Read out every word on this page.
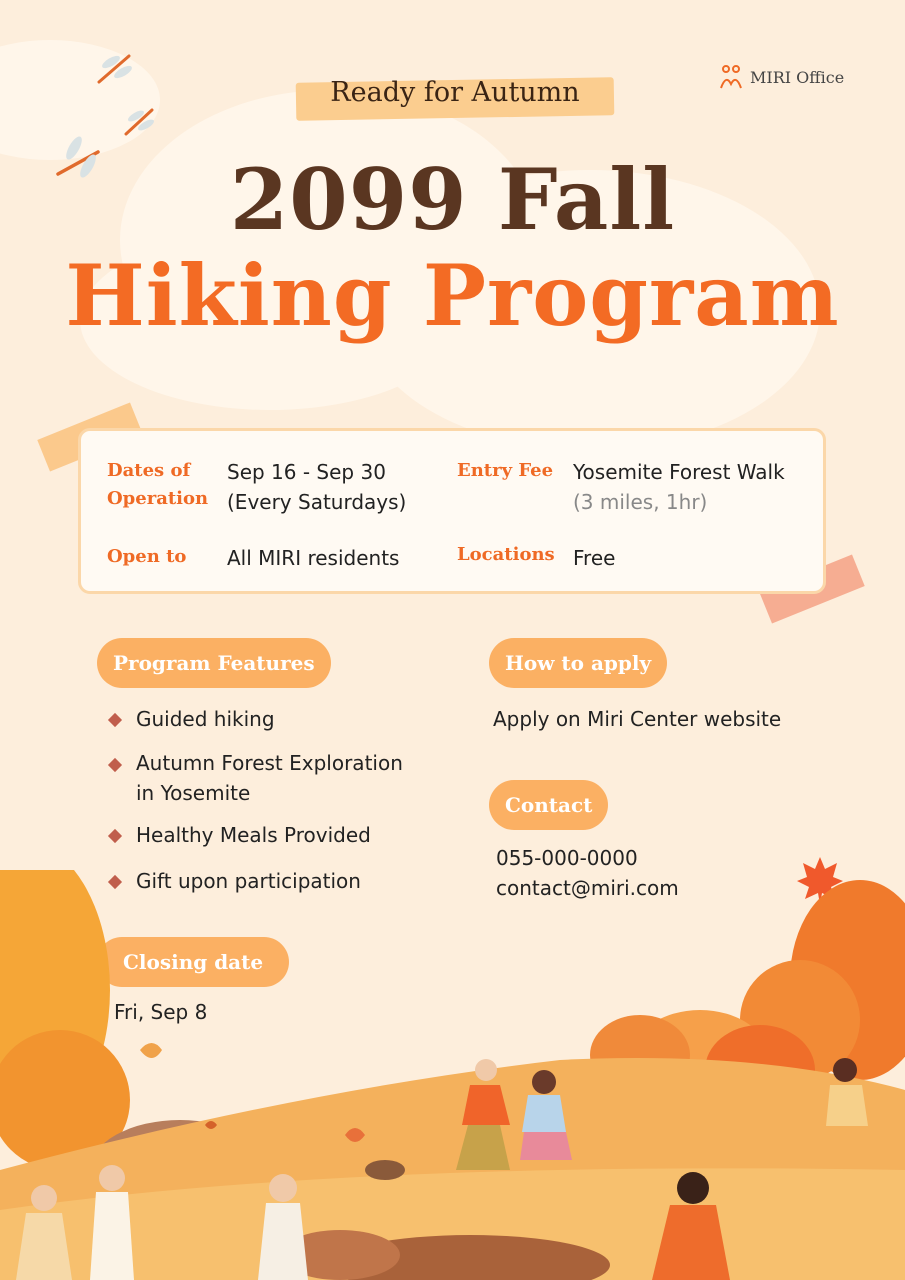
Ready for Autumn	MIRI Office
2099 Fall
Hiking Program
Dates of Operation
Sep 16 - Sep 30
(Every Saturdays)
Open to All MIRI residents
Entry Fee Yosemite Forest Walk
(3 miles, 1hr)
Locations Free
Program Features
Guided hiking
Autumn Forest Exploration
in Yosemite
Healthy Meals Provided
Gift upon participation
How to apply
Apply on Miri Center website
Contact
055-000-0000
contact@miri.com
Closing date
Fri, Sep 8
